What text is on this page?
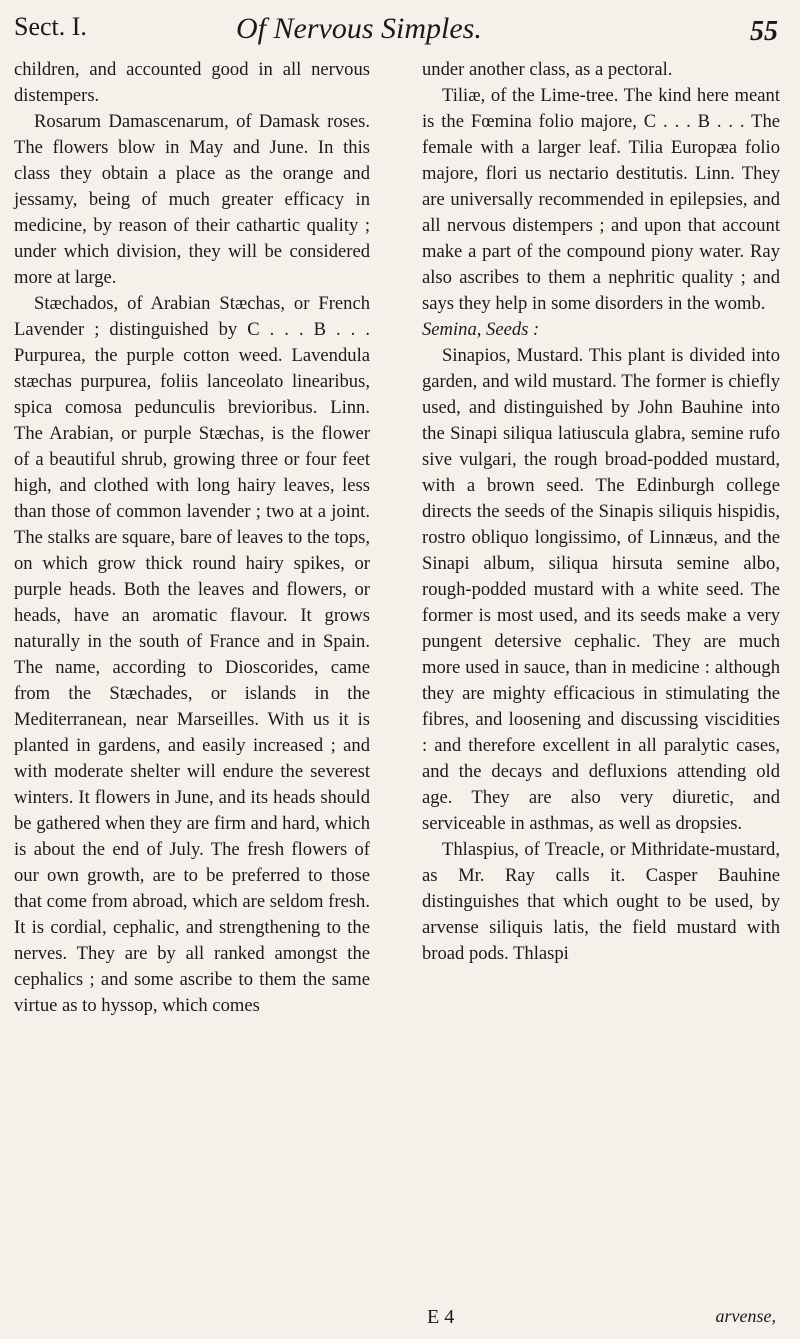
Sect. I.	Of Nervous Simples.	55

children, and accounted good in all nervous distempers.

Rosarum Damascenarum, of Damask roses. The flowers blow in May and June. In this class they obtain a place as the orange and jessamy, being of much greater efficacy in medicine, by reason of their cathartic quality ; under which division, they will be considered more at large.

Stæchados, of Arabian Stæchas, or French Lavender ; distinguished by C . . . B . . . Purpurea, the purple cotton weed. Lavendula stæchas purpurea, foliis lanceolato linearibus, spica comosa pedunculis brevioribus. Linn. The Arabian, or purple Stæchas, is the flower of a beautiful shrub, growing three or four feet high, and clothed with long hairy leaves, less than those of common lavender ; two at a joint. The stalks are square, bare of leaves to the tops, on which grow thick round hairy spikes, or purple heads. Both the leaves and flowers, or heads, have an aromatic flavour. It grows naturally in the south of France and in Spain. The name, according to Dioscorides, came from the Stæchades, or islands in the Mediterranean, near Marseilles. With us it is planted in gardens, and easily increased ; and with moderate shelter will endure the severest winters. It flowers in June, and its heads should be gathered when they are firm and hard, which is about the end of July. The fresh flowers of our own growth, are to be preferred to those that come from abroad, which are seldom fresh. It is cordial, cephalic, and strengthening to the nerves. They are by all ranked amongst the cephalics ; and some ascribe to them the same virtue as to hyssop, which comes

under another class, as a pectoral.

Tiliæ, of the Lime-tree. The kind here meant is the Fœmina folio majore, C . . . B . . . The female with a larger leaf. Tilia Europæa folio majore, flori us nectario destitutis. Linn. They are universally recommended in epilepsies, and all nervous distempers ; and upon that account make a part of the compound piony water. Ray also ascribes to them a nephritic quality ; and says they help in some disorders in the womb.

Semina, Seeds :

Sinapios, Mustard. This plant is divided into garden, and wild mustard. The former is chiefly used, and distinguished by John Bauhine into the Sinapi siliqua latiuscula glabra, semine rufo sive vulgari, the rough broad-podded mustard, with a brown seed. The Edinburgh college directs the seeds of the Sinapis siliquis hispidis, rostro obliquo longissimo, of Linnæus, and the Sinapi album, siliqua hirsuta semine albo, rough-podded mustard with a white seed. The former is most used, and its seeds make a very pungent detersive cephalic. They are much more used in sauce, than in medicine : although they are mighty efficacious in stimulating the fibres, and loosening and discussing viscidities : and therefore excellent in all paralytic cases, and the decays and defluxions attending old age. They are also very diuretic, and serviceable in asthmas, as well as dropsies.

Thlaspius, of Treacle, or Mithridate-mustard, as Mr. Ray calls it. Casper Bauhine distinguishes that which ought to be used, by arvense siliquis latis, the field mustard with broad pods. Thlaspi

E 4	arvense,
